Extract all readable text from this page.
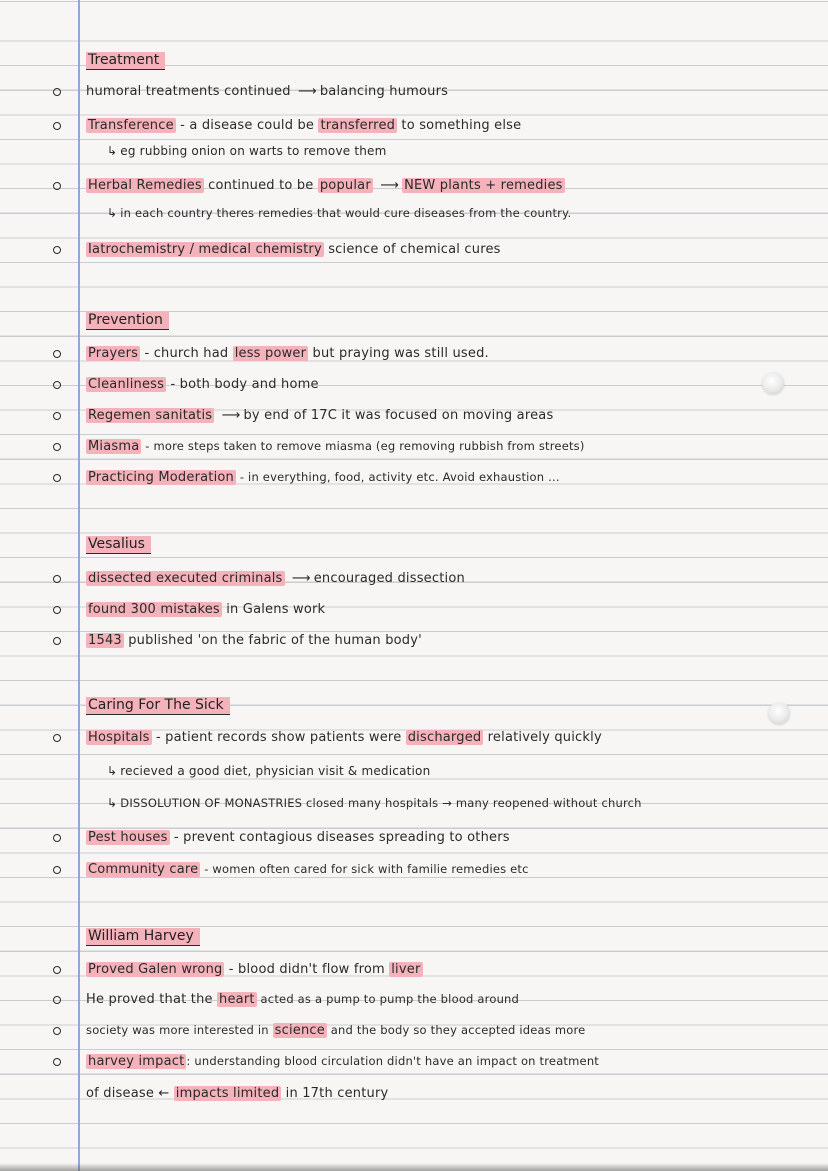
Treatment
humoral treatments continued ⟶ balancing humours
Transference - a disease could be transferred to something else
↳ eg rubbing onion on warts to remove them
Herbal Remedies continued to be popular ⟶ NEW plants + remedies
↳ in each country theres remedies that would cure diseases from the country.
Iatrochemistry / medical chemistry science of chemical cures
Prevention
Prayers - church had less power but praying was still used.
Cleanliness - both body and home
Regemen sanitatis ⟶ by end of 17C it was focused on moving areas
Miasma - more steps taken to remove miasma (eg removing rubbish from streets)
Practicing Moderation - in everything, food, activity etc. Avoid exhaustion ...
Vesalius
dissected executed criminals ⟶ encouraged dissection
found 300 mistakes in Galens work
1543 published 'on the fabric of the human body'
Caring For The Sick
Hospitals - patient records show patients were discharged relatively quickly
↳ recieved a good diet, physician visit & medication
↳ DISSOLUTION OF MONASTRIES closed many hospitals → many reopened without church
Pest houses - prevent contagious diseases spreading to others
Community care - women often cared for sick with familie remedies etc
William Harvey
Proved Galen wrong - blood didn't flow from liver
He proved that the heart acted as a pump to pump the blood around
society was more interested in science and the body so they accepted ideas more
harvey impact : understanding blood circulation didn't have an impact on treatment
of disease ← impacts limited in 17th century
